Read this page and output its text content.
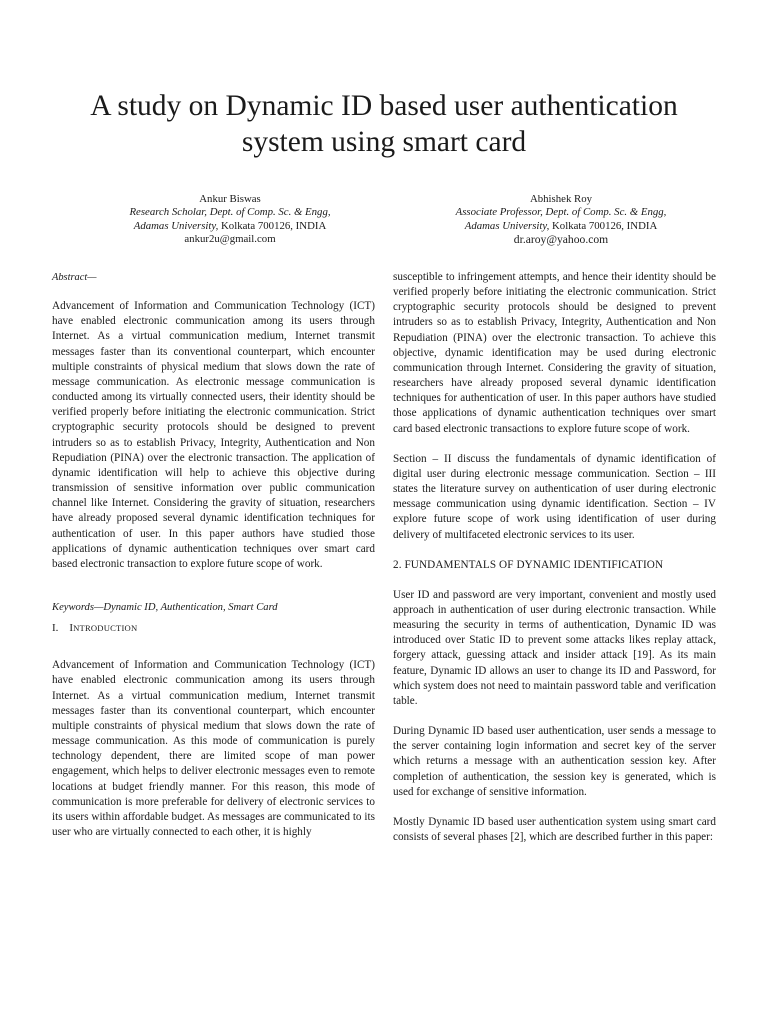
A study on Dynamic ID based user authentication
system using smart card
Ankur Biswas
Research Scholar, Dept. of Comp. Sc. & Engg,
Adamas University, Kolkata 700126, INDIA
ankur2u@gmail.com
Abhishek Roy
Associate Professor, Dept. of Comp. Sc. & Engg,
Adamas University, Kolkata 700126, INDIA
dr.aroy@yahoo.com

Abstract—

Advancement of Information and Communication Technology (ICT) have enabled electronic communication among its users through Internet. As a virtual communication medium, Internet transmit messages faster than its conventional counterpart, which encounter multiple constraints of physical medium that slows down the rate of message communication. As electronic message communication is conducted among its virtually connected users, their identity should be verified properly before initiating the electronic communication. Strict cryptographic security protocols should be designed to prevent intruders so as to establish Privacy, Integrity, Authentication and Non Repudiation (PINA) over the electronic transaction. The application of dynamic identification will help to achieve this objective during transmission of sensitive information over public communication channel like Internet. Considering the gravity of situation, researchers have already proposed several dynamic identification techniques for authentication of user. In this paper authors have studied those applications of dynamic authentication techniques over smart card based electronic transaction to explore future scope of work.

Keywords—Dynamic ID, Authentication, Smart Card

I. INTRODUCTION

Advancement of Information and Communication Technology (ICT) have enabled electronic communication among its users through Internet. As a virtual communication medium, Internet transmit messages faster than its conventional counterpart, which encounter multiple constraints of physical medium that slows down the rate of message communication. As this mode of communication is purely technology dependent, there are limited scope of man power engagement, which helps to deliver electronic messages even to remote locations at budget friendly manner. For this reason, this mode of communication is more preferable for delivery of electronic services to its users within affordable budget. As messages are communicated to its user who are virtually connected to each other, it is highly

susceptible to infringement attempts, and hence their identity should be verified properly before initiating the electronic communication. Strict cryptographic security protocols should be designed to prevent intruders so as to establish Privacy, Integrity, Authentication and Non Repudiation (PINA) over the electronic transaction. To achieve this objective, dynamic identification may be used during electronic communication through Internet. Considering the gravity of situation, researchers have already proposed several dynamic identification techniques for authentication of user. In this paper authors have studied those applications of dynamic authentication techniques over smart card based electronic transactions to explore future scope of work.

Section – II discuss the fundamentals of dynamic identification of digital user during electronic message communication. Section – III states the literature survey on authentication of user during electronic message communication using dynamic identification. Section – IV explore future scope of work using identification of user during delivery of multifaceted electronic services to its user.

2. FUNDAMENTALS OF DYNAMIC IDENTIFICATION

User ID and password are very important, convenient and mostly used approach in authentication of user during electronic transaction. While measuring the security in terms of authentication, Dynamic ID was introduced over Static ID to prevent some attacks likes replay attack, forgery attack, guessing attack and insider attack [19]. As its main feature, Dynamic ID allows an user to change its ID and Password, for which system does not need to maintain password table and verification table.

During Dynamic ID based user authentication, user sends a message to the server containing login information and secret key of the server which returns a message with an authentication session key. After completion of authentication, the session key is generated, which is used for exchange of sensitive information.

Mostly Dynamic ID based user authentication system using smart card consists of several phases [2], which are described further in this paper:
